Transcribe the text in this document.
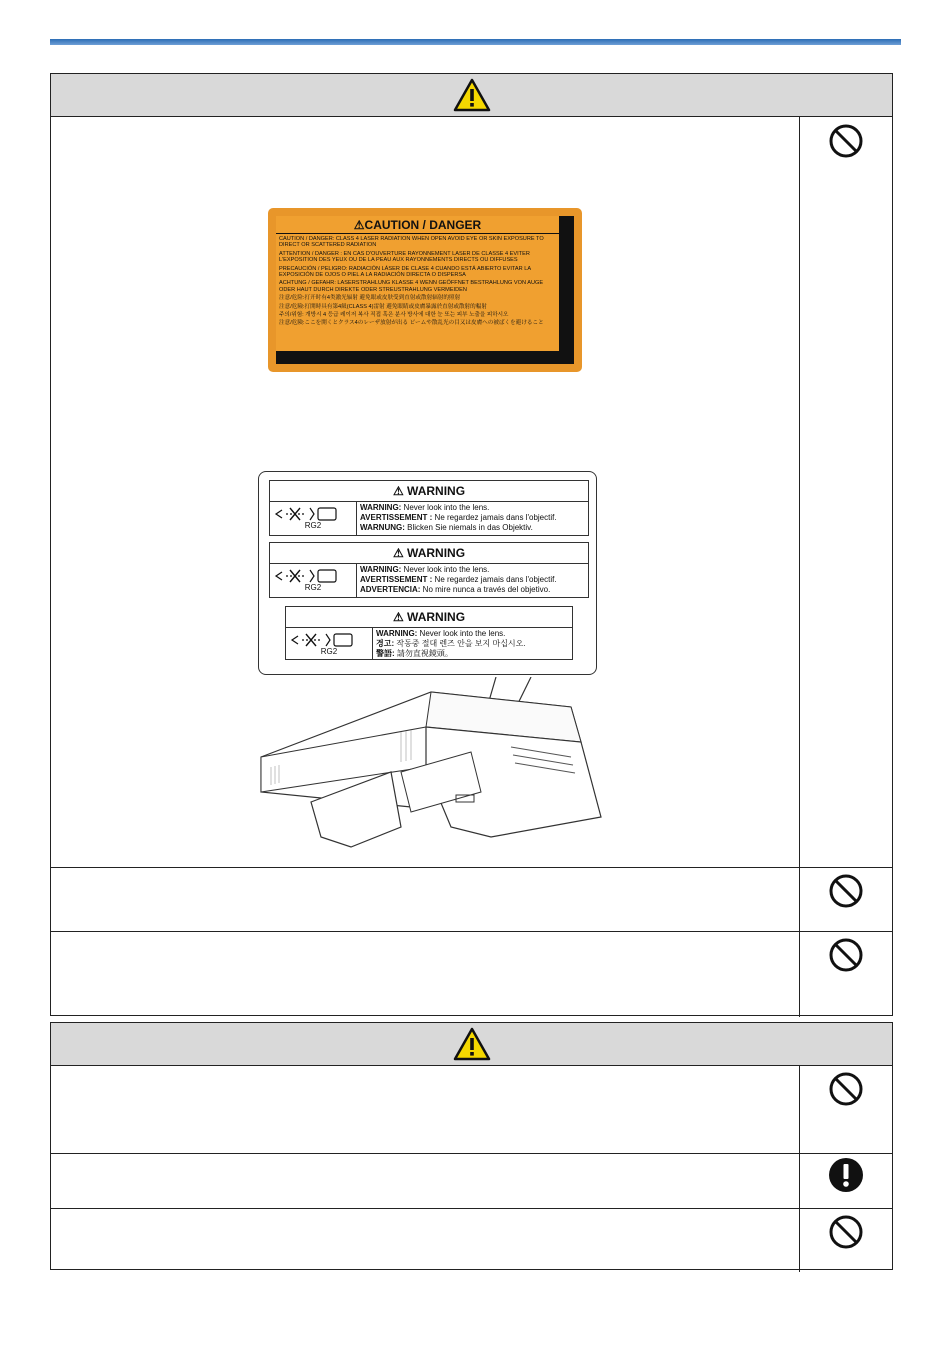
⚠CAUTION / DANGER

CAUTION / DANGER: CLASS 4 LASER RADIATION WHEN OPEN AVOID EYE OR SKIN EXPOSURE TO DIRECT OR SCATTERED RADIATION

ATTENTION / DANGER : EN CAS D'OUVERTURE RAYONNEMENT LASER DE CLASSE 4 EVITER L'EXPOSITION DES YEUX OU DE LA PEAU AUX RAYONNEMENTS DIRECTS OU DIFFUSES

PRECAUCIÓN / PELIGRO: RADIACIÓN LÁSER DE CLASE 4 CUANDO ESTÁ ABIERTO EVITAR LA EXPOSICIÓN DE OJOS O PIEL A LA RADIACIÓN DIRECTA O DISPERSA

ACHTUNG / GEFAHR: LASERSTRAHLUNG KLASSE 4 WENN GEÖFFNET BESTRAHLUNG VON AUGE ODER HAUT DURCH DIREKTE ODER STREUSTRAHLUNG VERMEIDEN

注意/危险:打开时有4类激光辐射 避免眼或皮肤受到直射或散射辐射的照射

注意/危險:打開時具有第4級(CLASS 4)雷射 避免眼睛或皮膚暴露於直射或散射的輻射

주의/위험: 개방시 4 등급 레이저 복사 직접 혹은 분사 방사에 대한 눈 또는 피부 노출을 피하시오

注意/危険:ここを開くとクラス4のレーザ放射が出る ビームや散乱光の目又は皮膚への被ばくを避けること

⚠ WARNING
RG2
WARNING: Never look into the lens.
AVERTISSEMENT : Ne regardez jamais dans l'objectif.
WARNUNG: Blicken Sie niemals in das Objektiv.
⚠ WARNING
RG2
WARNING: Never look into the lens.
AVERTISSEMENT : Ne regardez jamais dans l'objectif.
ADVERTENCIA: No mire nunca a través del objetivo.
⚠ WARNING
RG2
WARNING: Never look into the lens.
경고: 작동중 절대 렌즈 안을 보지 마십시오.
警語: 請勿直視鏡頭。
